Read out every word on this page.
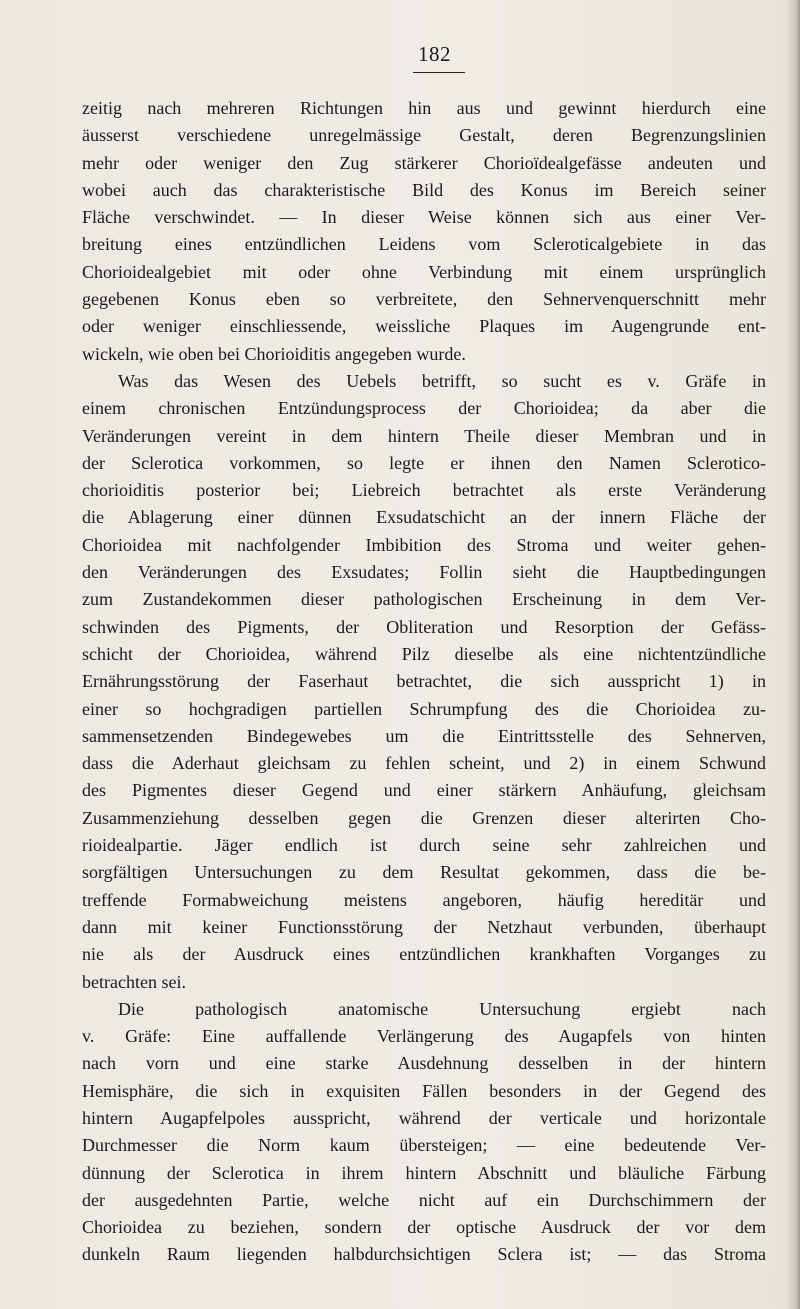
182
zeitig nach mehreren Richtungen hin aus und gewinnt hierdurch eine
äusserst verschiedene unregelmässige Gestalt, deren Begrenzungslinien
mehr oder weniger den Zug stärkerer Chorioïdealgefässe andeuten und
wobei auch das charakteristische Bild des Konus im Bereich seiner
Fläche verschwindet. — In dieser Weise können sich aus einer Ver-
breitung eines entzündlichen Leidens vom Scleroticalgebiete in das
Chorioidealgebiet mit oder ohne Verbindung mit einem ursprünglich
gegebenen Konus eben so verbreitete, den Sehnervenquerschnitt mehr
oder weniger einschliessende, weissliche Plaques im Augengrunde ent-
wickeln, wie oben bei Chorioiditis angegeben wurde.
Was das Wesen des Uebels betrifft, so sucht es v. Gräfe in
einem chronischen Entzündungsprocess der Chorioidea; da aber die
Veränderungen vereint in dem hintern Theile dieser Membran und in
der Sclerotica vorkommen, so legte er ihnen den Namen Sclerotico-
chorioiditis posterior bei; Liebreich betrachtet als erste Veränderung
die Ablagerung einer dünnen Exsudatschicht an der innern Fläche der
Chorioidea mit nachfolgender Imbibition des Stroma und weiter gehen-
den Veränderungen des Exsudates; Follin sieht die Hauptbedingungen
zum Zustandekommen dieser pathologischen Erscheinung in dem Ver-
schwinden des Pigments, der Obliteration und Resorption der Gefäss-
schicht der Chorioidea, während Pilz dieselbe als eine nichtentzündliche
Ernährungsstörung der Faserhaut betrachtet, die sich ausspricht 1) in
einer so hochgradigen partiellen Schrumpfung des die Chorioidea zu-
sammensetzenden Bindegewebes um die Eintrittsstelle des Sehnerven,
dass die Aderhaut gleichsam zu fehlen scheint, und 2) in einem Schwund
des Pigmentes dieser Gegend und einer stärkern Anhäufung, gleichsam
Zusammenziehung desselben gegen die Grenzen dieser alterirten Cho-
rioidealpartie. Jäger endlich ist durch seine sehr zahlreichen und
sorgfältigen Untersuchungen zu dem Resultat gekommen, dass die be-
treffende Formabweichung meistens angeboren, häufig hereditär und
dann mit keiner Functionsstörung der Netzhaut verbunden, überhaupt
nie als der Ausdruck eines entzündlichen krankhaften Vorganges zu
betrachten sei.
Die pathologisch anatomische Untersuchung ergiebt nach
v. Gräfe: Eine auffallende Verlängerung des Augapfels von hinten
nach vorn und eine starke Ausdehnung desselben in der hintern
Hemisphäre, die sich in exquisiten Fällen besonders in der Gegend des
hintern Augapfelpoles ausspricht, während der verticale und horizontale
Durchmesser die Norm kaum übersteigen; — eine bedeutende Ver-
dünnung der Sclerotica in ihrem hintern Abschnitt und bläuliche Färbung
der ausgedehnten Partie, welche nicht auf ein Durchschimmern der
Chorioidea zu beziehen, sondern der optische Ausdruck der vor dem
dunkeln Raum liegenden halbdurchsichtigen Sclera ist; — das Stroma
